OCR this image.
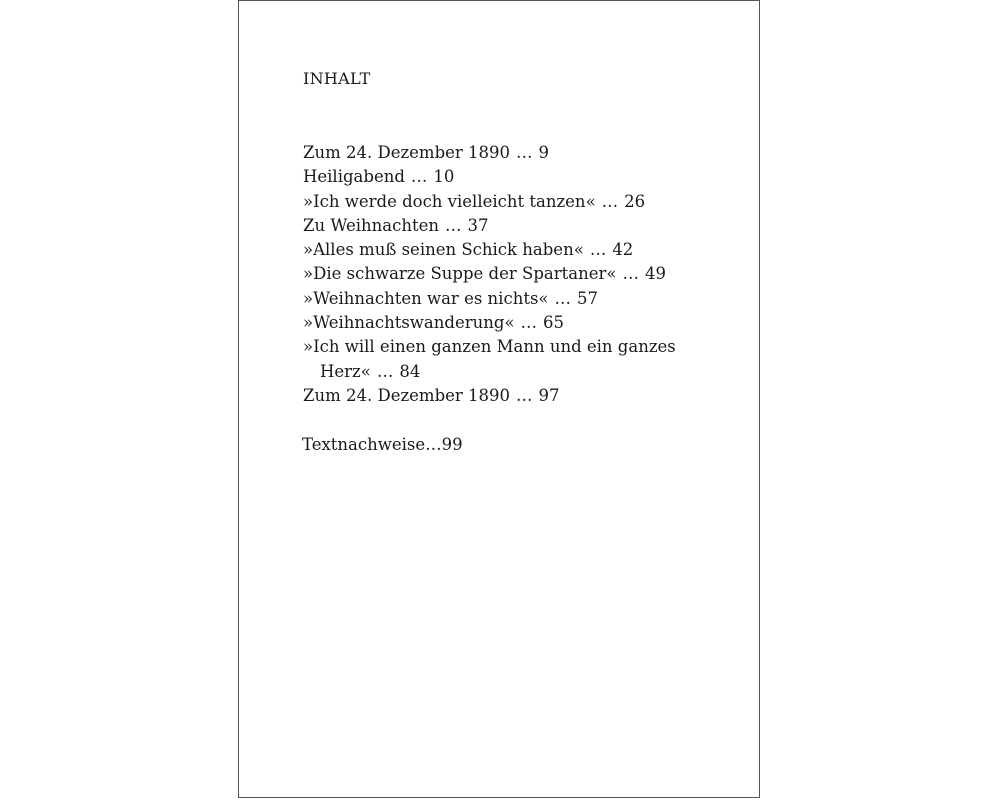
INHALT
Zum 24. Dezember 1890 … 9
Heiligabend … 10
»Ich werde doch vielleicht tanzen« … 26
Zu Weihnachten … 37
»Alles muß seinen Schick haben« … 42
»Die schwarze Suppe der Spartaner« … 49
»Weihnachten war es nichts« … 57
»Weihnachtswanderung« … 65
»Ich will einen ganzen Mann und ein ganzes Herz« … 84
Zum 24. Dezember 1890 … 97
Textnachweise…99
